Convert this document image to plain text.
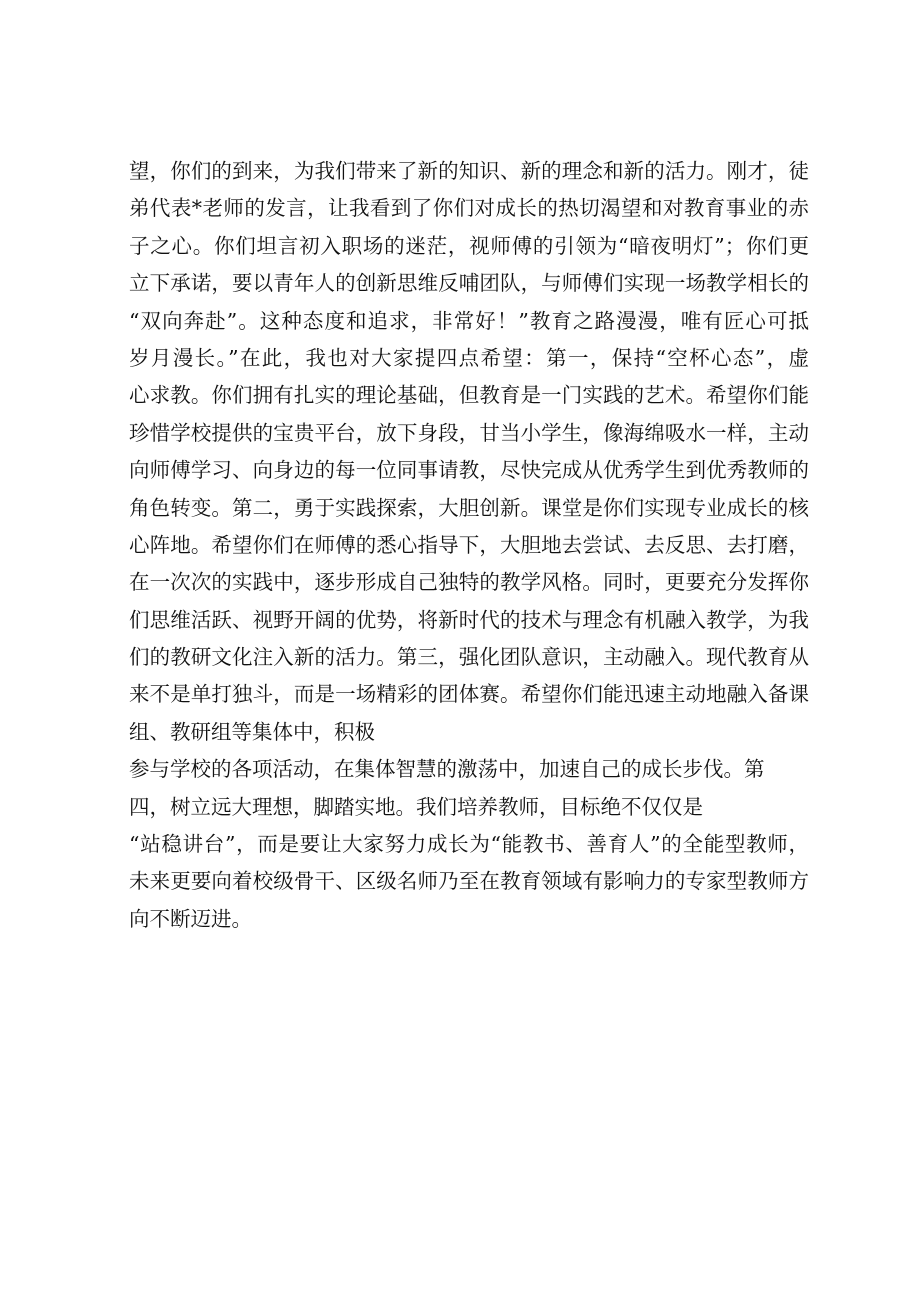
望，你们的到来，为我们带来了新的知识、新的理念和新的活力。刚才，徒
弟代表*老师的发言，让我看到了你们对成长的热切渴望和对教育事业的赤
子之心。你们坦言初入职场的迷茫，视师傅的引领为“暗夜明灯”；你们更
立下承诺，要以青年人的创新思维反哺团队，与师傅们实现一场教学相长的
“双向奔赴”。这种态度和追求，非常好！”教育之路漫漫，唯有匠心可抵
岁月漫长。”在此，我也对大家提四点希望：第一，保持“空杯心态”，虚
心求教。你们拥有扎实的理论基础，但教育是一门实践的艺术。希望你们能
珍惜学校提供的宝贵平台，放下身段，甘当小学生，像海绵吸水一样，主动
向师傅学习、向身边的每一位同事请教，尽快完成从优秀学生到优秀教师的
角色转变。第二，勇于实践探索，大胆创新。课堂是你们实现专业成长的核
心阵地。希望你们在师傅的悉心指导下，大胆地去尝试、去反思、去打磨，
在一次次的实践中，逐步形成自己独特的教学风格。同时，更要充分发挥你
们思维活跃、视野开阔的优势，将新时代的技术与理念有机融入教学，为我
们的教研文化注入新的活力。第三，强化团队意识，主动融入。现代教育从
来不是单打独斗，而是一场精彩的团体赛。希望你们能迅速主动地融入备课
组、教研组等集体中，积极
参与学校的各项活动，在集体智慧的激荡中，加速自己的成长步伐。第
四，树立远大理想，脚踏实地。我们培养教师，目标绝不仅仅是
“站稳讲台”，而是要让大家努力成长为“能教书、善育人”的全能型教师，
未来更要向着校级骨干、区级名师乃至在教育领域有影响力的专家型教师方
向不断迈进。
